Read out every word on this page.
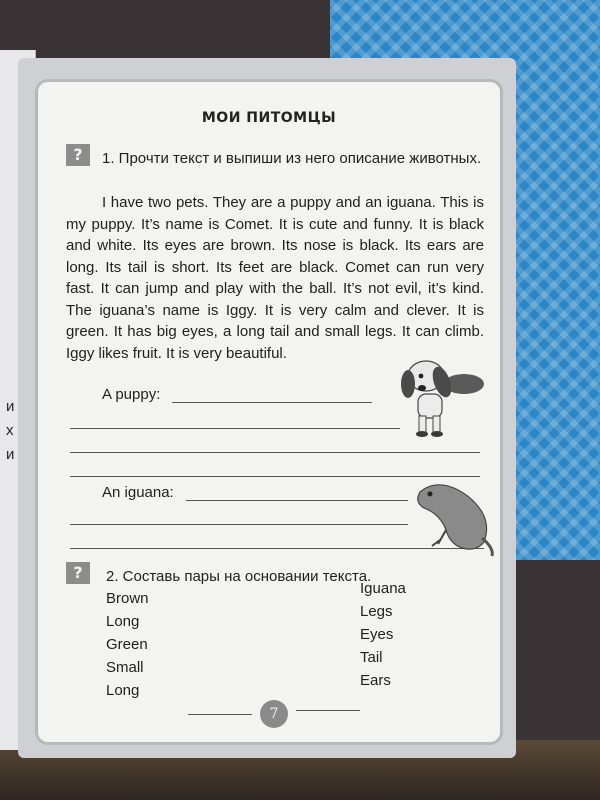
и
х
и
МОИ ПИТОМЦЫ
?	1. Прочти текст и выпиши из него описание животных.
I have two pets. They are a puppy and an iguana. This is my puppy. It’s name is Comet. It is cute and funny. It is black and white. Its eyes are brown. Its nose is black. Its ears are long. Its tail is short. Its feet are black. Comet can run very fast. It can jump and play with the ball. It’s not evil, it’s kind. The iguana’s name is Iggy. It is very calm and clever. It is green. It has big eyes, a long tail and small legs. It can climb. Iggy likes fruit. It is very beautiful.
A puppy:
An iguana:
?	2. Составь пары на основании текста.
Brown
Long
Green
Small
Long
Iguana
Legs
Eyes
Tail
Ears
7
